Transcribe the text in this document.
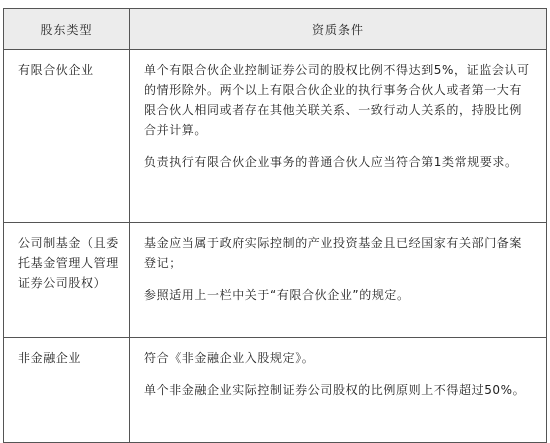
股东类型	资质条件
有限合伙企业	单个有限合伙企业控制证券公司的股权比例不得达到5%，证监会认可的情形除外。两个以上有限合伙企业的执行事务合伙人或者第一大有限合伙人相同或者存在其他关联关系、一致行动人关系的，持股比例合并计算。

负责执行有限合伙企业事务的普通合伙人应当符合第1类常规要求。

公司制基金（且委托基金管理人管理证券公司股权）	基金应当属于政府实际控制的产业投资基金且已经国家有关部门备案登记；

参照适用上一栏中关于“有限合伙企业”的规定。

非金融企业	符合《非金融企业入股规定》。

单个非金融企业实际控制证券公司股权的比例原则上不得超过50%。
